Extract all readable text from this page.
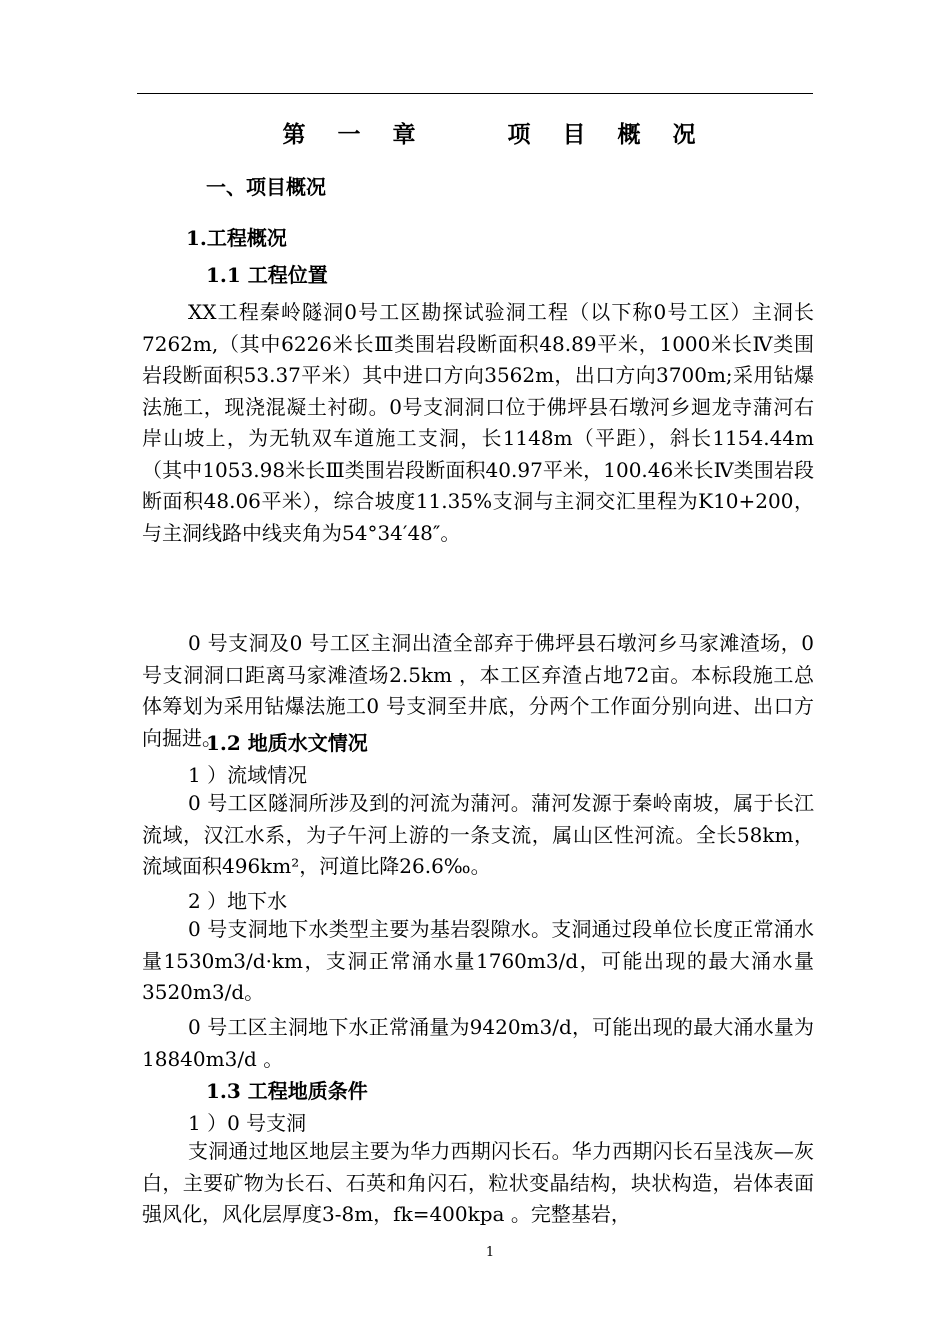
第 一 章    项 目 概 况
一、项目概况
1.工程概况
1.1 工程位置
XX工程秦岭隧洞0号工区勘探试验洞工程（以下称0号工区）主洞长7262m,（其中6226米长Ⅲ类围岩段断面积48.89平米，1000米长Ⅳ类围岩段断面积53.37平米）其中进口方向3562m，出口方向3700m;采用钻爆法施工，现浇混凝土衬砌。0号支洞洞口位于佛坪县石墩河乡迴龙寺蒲河右岸山坡上，为无轨双车道施工支洞，长1148m（平距），斜长1154.44m（其中1053.98米长Ⅲ类围岩段断面积40.97平米，100.46米长Ⅳ类围岩段断面积48.06平米），综合坡度11.35%支洞与主洞交汇里程为K10+200，与主洞线路中线夹角为54°34′48″。
0 号支洞及0 号工区主洞出渣全部弃于佛坪县石墩河乡马家滩渣场，0 号支洞洞口距离马家滩渣场2.5km ，本工区弃渣占地72亩。本标段施工总体筹划为采用钻爆法施工0 号支洞至井底，分两个工作面分别向进、出口方向掘进。
1.2 地质水文情况
1 ）流域情况
0 号工区隧洞所涉及到的河流为蒲河。蒲河发源于秦岭南坡，属于长江流域，汉江水系，为子午河上游的一条支流，属山区性河流。全长58km，流域面积496km²，河道比降26.6‰。
2 ）地下水
0 号支洞地下水类型主要为基岩裂隙水。支洞通过段单位长度正常涌水量1530m3/d·km，支洞正常涌水量1760m3/d，可能出现的最大涌水量3520m3/d。
0 号工区主洞地下水正常涌量为9420m3/d，可能出现的最大涌水量为18840m3/d 。
1.3 工程地质条件
1 ）0 号支洞
支洞通过地区地层主要为华力西期闪长石。华力西期闪长石呈浅灰—灰白，主要矿物为长石、石英和角闪石，粒状变晶结构，块状构造，岩体表面强风化，风化层厚度3-8m，fk=400kpa 。完整基岩，
1
